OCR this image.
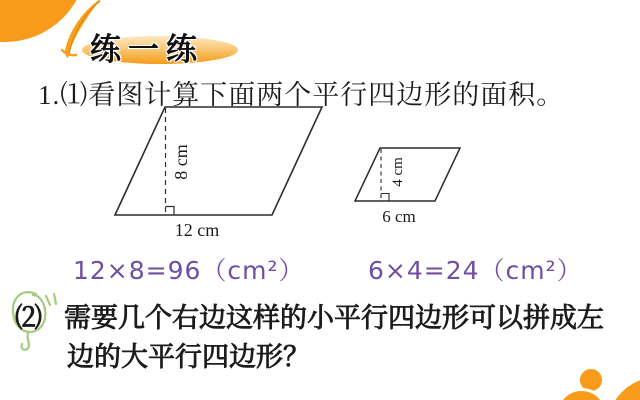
练一练
1.⑴看图计算下面两个平行四边形的面积。
8 cm
12 cm
4 cm
6 cm
12×8=96（cm²）	6×4=24（cm²）
⑵ 需要几个右边这样的小平行四边形可以拼成左
边的大平行四边形？
